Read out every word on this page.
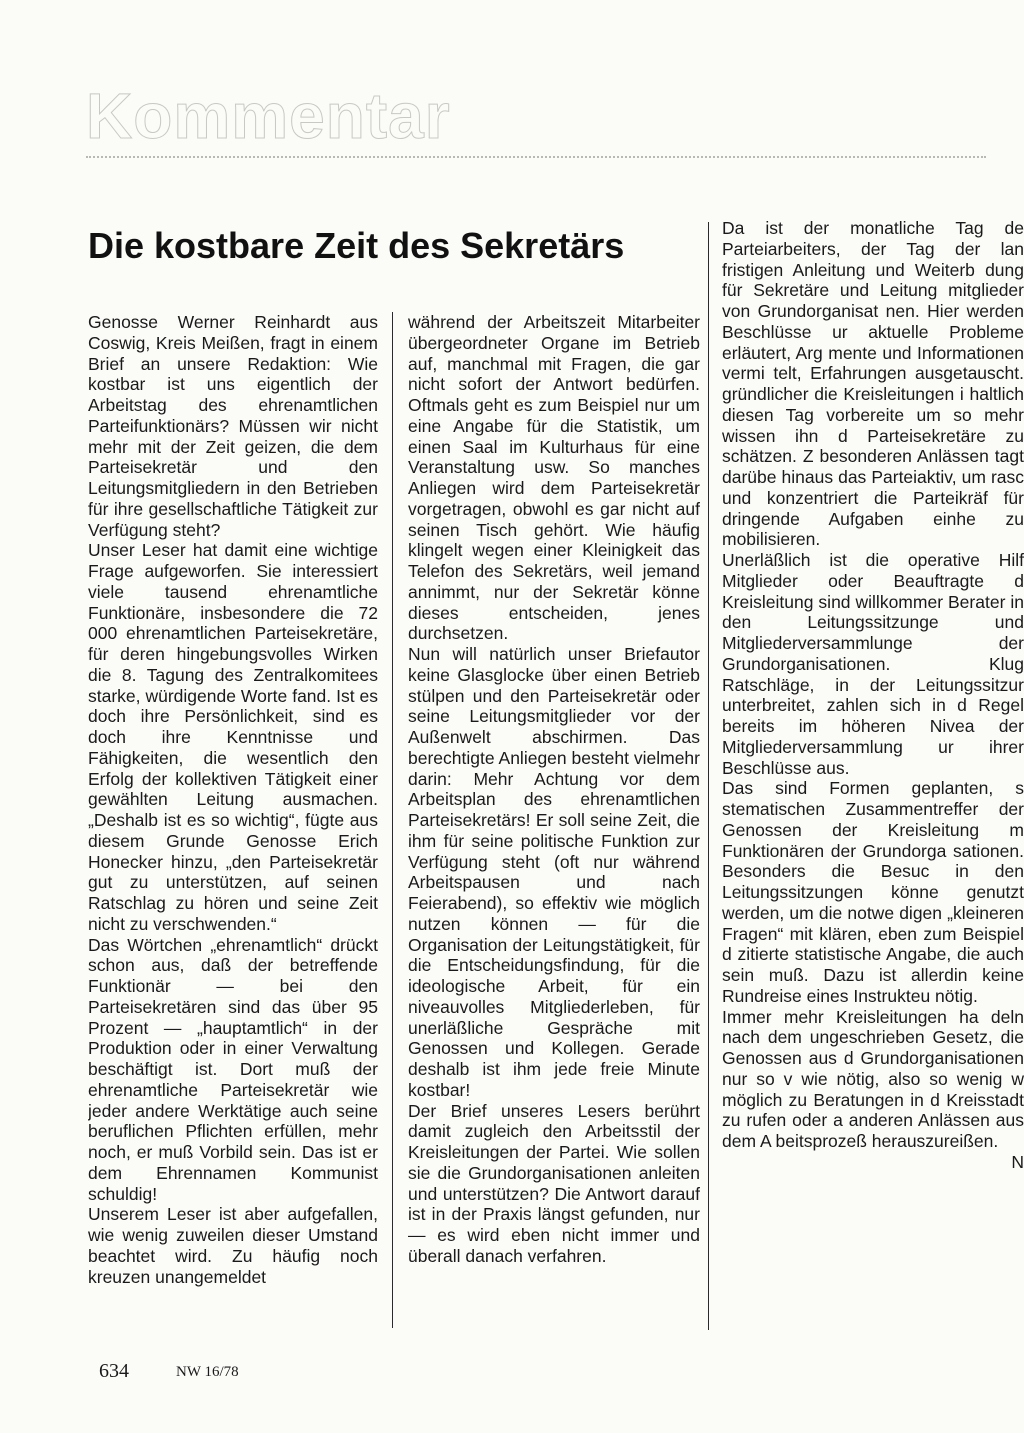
Kommentar
Die kostbare Zeit des Sekretärs

Genosse Werner Reinhardt aus Coswig, Kreis Meißen, fragt in einem Brief an unsere Redaktion: Wie kostbar ist uns eigentlich der Arbeitstag des ehrenamtlichen Parteifunktionärs? Müssen wir nicht mehr mit der Zeit geizen, die dem Parteisekretär und den Leitungsmitgliedern in den Betrieben für ihre gesellschaftliche Tätigkeit zur Verfügung steht?

Unser Leser hat damit eine wichtige Frage aufgeworfen. Sie interessiert viele tausend ehrenamtliche Funktionäre, insbesondere die 72 000 ehrenamtlichen Parteisekretäre, für deren hingebungsvolles Wirken die 8. Tagung des Zentralkomitees starke, würdigende Worte fand. Ist es doch ihre Persönlichkeit, sind es doch ihre Kenntnisse und Fähigkeiten, die wesentlich den Erfolg der kollektiven Tätigkeit einer gewählten Leitung ausmachen. „Deshalb ist es so wichtig“, fügte aus diesem Grunde Genosse Erich Honecker hinzu, „den Parteisekretär gut zu unterstützen, auf seinen Ratschlag zu hören und seine Zeit nicht zu verschwenden.“

Das Wörtchen „ehrenamtlich“ drückt schon aus, daß der betreffende Funktionär — bei den Parteisekretären sind das über 95 Prozent — „hauptamtlich“ in der Produktion oder in einer Verwaltung beschäftigt ist. Dort muß der ehrenamtliche Parteisekretär wie jeder andere Werktätige auch seine beruflichen Pflichten erfüllen, mehr noch, er muß Vorbild sein. Das ist er dem Ehrennamen Kommunist schuldig!

Unserem Leser ist aber aufgefallen, wie wenig zuweilen dieser Umstand beachtet wird. Zu häufig noch kreuzen unangemeldet

während der Arbeitszeit Mitarbeiter übergeordneter Organe im Betrieb auf, manchmal mit Fragen, die gar nicht sofort der Antwort bedürfen. Oftmals geht es zum Beispiel nur um eine Angabe für die Statistik, um einen Saal im Kulturhaus für eine Veranstaltung usw. So manches Anliegen wird dem Parteisekretär vorgetragen, obwohl es gar nicht auf seinen Tisch gehört. Wie häufig klingelt wegen einer Kleinigkeit das Telefon des Sekretärs, weil jemand annimmt, nur der Sekretär könne dieses entscheiden, jenes durchsetzen.

Nun will natürlich unser Briefautor keine Glasglocke über einen Betrieb stülpen und den Parteisekretär oder seine Leitungsmitglieder vor der Außenwelt abschirmen. Das berechtigte Anliegen besteht vielmehr darin: Mehr Achtung vor dem Arbeitsplan des ehrenamtlichen Parteisekretärs! Er soll seine Zeit, die ihm für seine politische Funktion zur Verfügung steht (oft nur während Arbeitspausen und nach Feierabend), so effektiv wie möglich nutzen können — für die Organisation der Leitungstätigkeit, für die Entscheidungsfindung, für die ideologische Arbeit, für ein niveauvolles Mitgliederleben, für unerläßliche Gespräche mit Genossen und Kollegen. Gerade deshalb ist ihm jede freie Minute kostbar!

Der Brief unseres Lesers berührt damit zugleich den Arbeitsstil der Kreisleitungen der Partei. Wie sollen sie die Grundorganisationen anleiten und unterstützen? Die Antwort darauf ist in der Praxis längst gefunden, nur — es wird eben nicht immer und überall danach verfahren.

Da ist der monatliche Tag de Parteiarbeiters, der Tag der lan fristigen Anleitung und Weiterb dung für Sekretäre und Leitung mitglieder von Grundorganisat nen. Hier werden Beschlüsse ur aktuelle Probleme erläutert, Arg mente und Informationen vermi telt, Erfahrungen ausgetauscht. gründlicher die Kreisleitungen i haltlich diesen Tag vorbereite um so mehr wissen ihn d Parteisekretäre zu schätzen. Z besonderen Anlässen tagt darübe hinaus das Parteiaktiv, um rasc und konzentriert die Parteikräf für dringende Aufgaben einhe zu mobilisieren.

Unerläßlich ist die operative Hilf Mitglieder oder Beauftragte d Kreisleitung sind willkommer Berater in den Leitungssitzunge und Mitgliederversammlunge der Grundorganisationen. Klug Ratschläge, in der Leitungssitzur unterbreitet, zahlen sich in d Regel bereits im höheren Nivea der Mitgliederversammlung ur ihrer Beschlüsse aus.

Das sind Formen geplanten, s stematischen Zusammentreffer der Genossen der Kreisleitung m Funktionären der Grundorga sationen. Besonders die Besuc in den Leitungssitzungen könne genutzt werden, um die notwe digen „kleineren Fragen“ mit klären, eben zum Beispiel d zitierte statistische Angabe, die auch sein muß. Dazu ist allerdin keine Rundreise eines Instrukteu nötig.

Immer mehr Kreisleitungen ha deln nach dem ungeschrieben Gesetz, die Genossen aus d Grundorganisationen nur so v wie nötig, also so wenig w möglich zu Beratungen in d Kreisstadt zu rufen oder a anderen Anlässen aus dem A beitsprozeß herauszureißen.

N

634	NW 16/78
